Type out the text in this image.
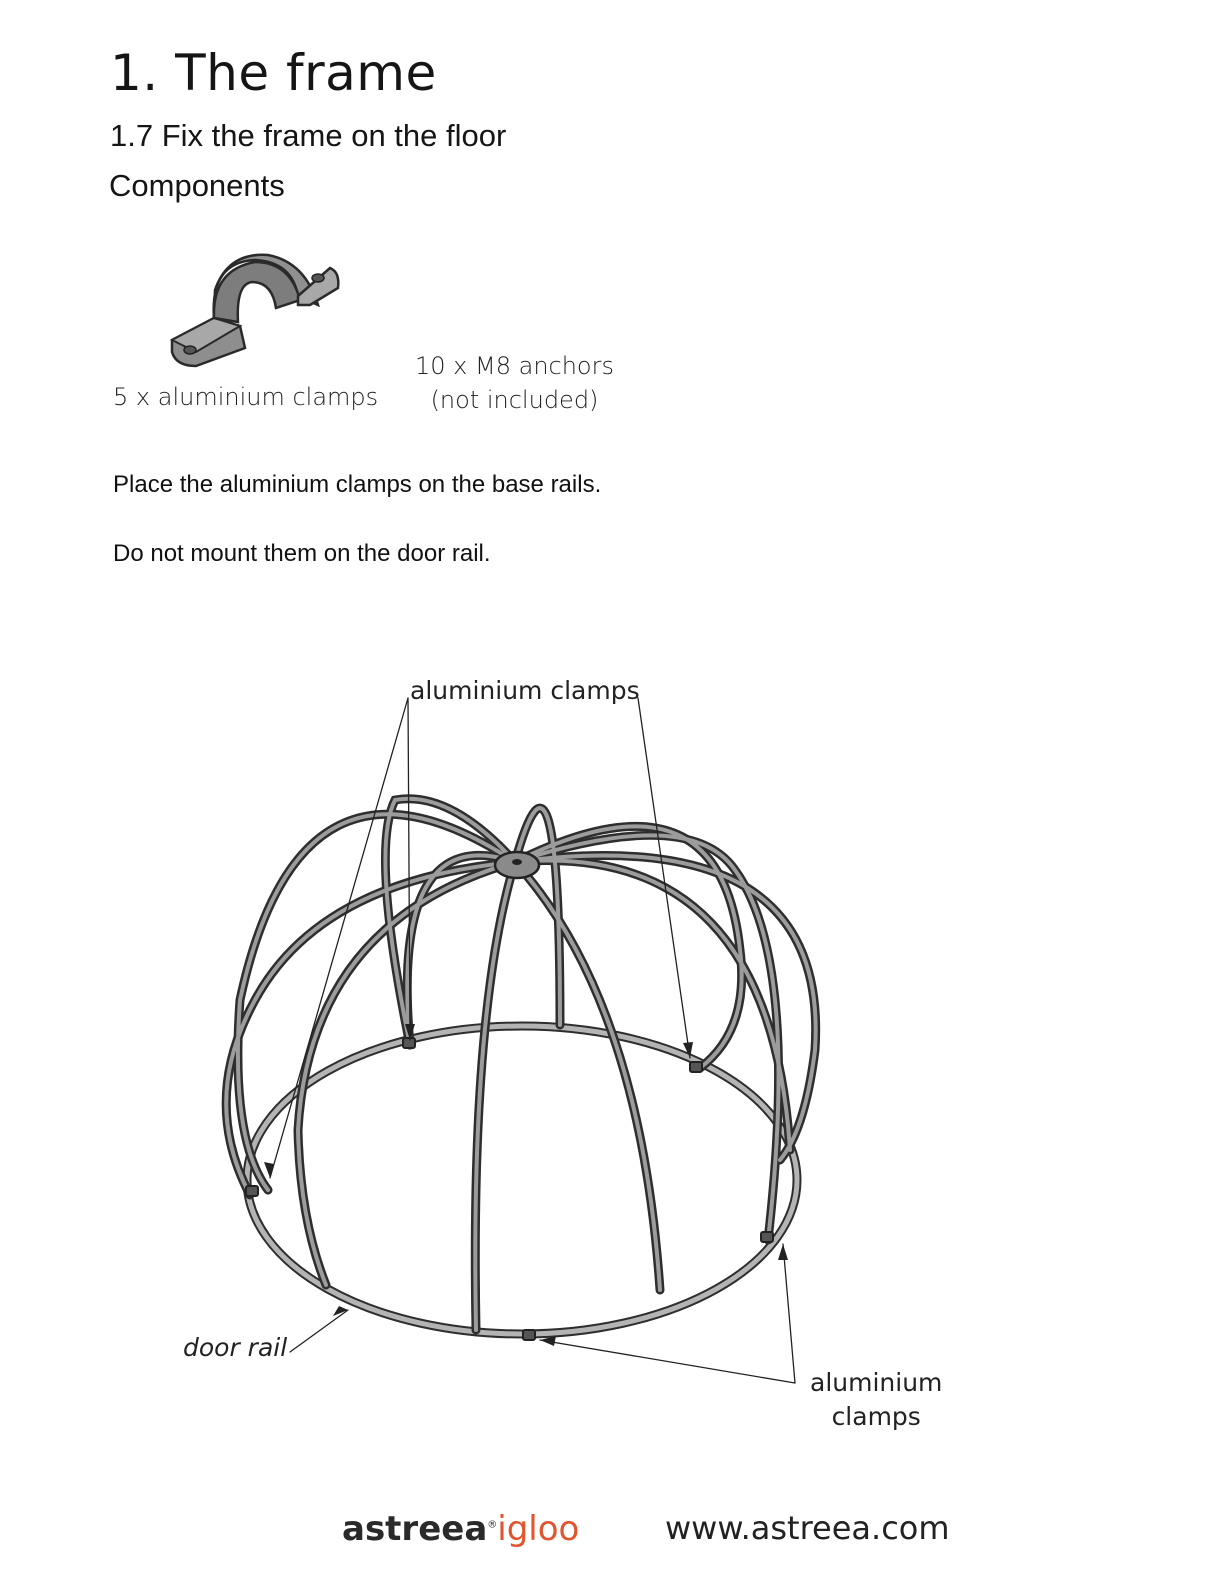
1. The frame
1.7 Fix the frame on the floor
Components
5 x aluminium clamps
10 x M8 anchors
(not included)
Place the aluminium clamps on the base rails.
Do not mount them on the door rail.
aluminium clamps
door rail
aluminium
clamps
astreea®igloo	www.astreea.com
